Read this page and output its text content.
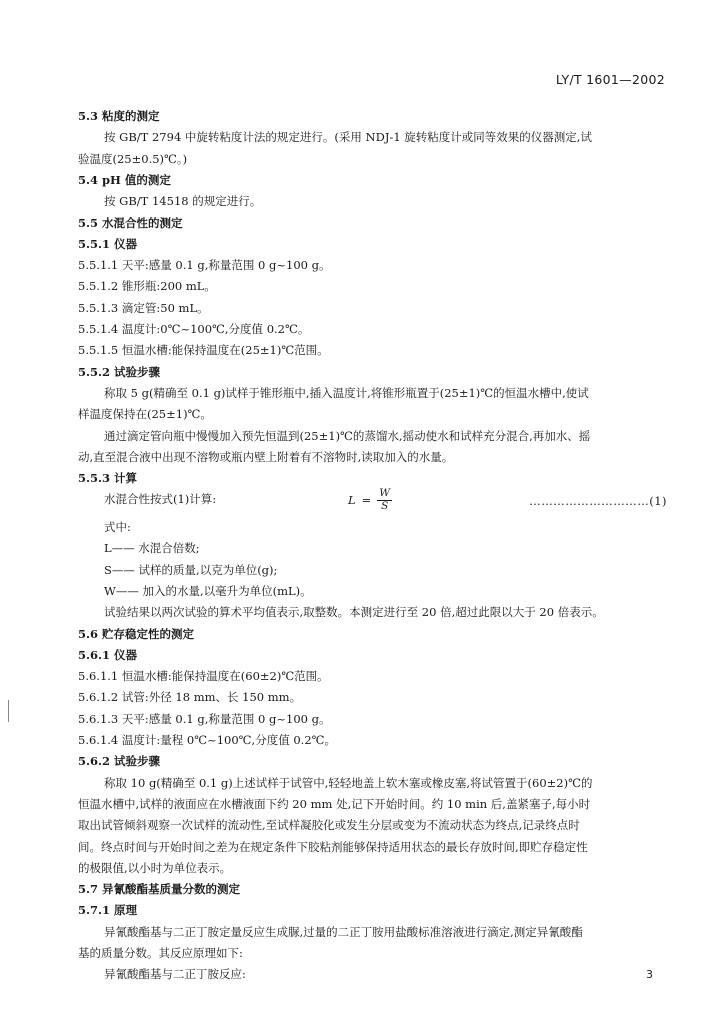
LY/T 1601—2002
5.3 粘度的测定
按 GB/T 2794 中旋转粘度计法的规定进行。(采用 NDJ-1 旋转粘度计或同等效果的仪器测定,试
验温度(25±0.5)℃。)
5.4 pH 值的测定
按 GB/T 14518 的规定进行。
5.5 水混合性的测定
5.5.1 仪器
5.5.1.1 天平:感量 0.1 g,称量范围 0 g~100 g。
5.5.1.2 锥形瓶:200 mL。
5.5.1.3 滴定管:50 mL。
5.5.1.4 温度计:0℃~100℃,分度值 0.2℃。
5.5.1.5 恒温水槽:能保持温度在(25±1)℃范围。
5.5.2 试验步骤
称取 5 g(精确至 0.1 g)试样于锥形瓶中,插入温度计,将锥形瓶置于(25±1)℃的恒温水槽中,使试
样温度保持在(25±1)℃。
通过滴定管向瓶中慢慢加入预先恒温到(25±1)℃的蒸馏水,摇动使水和试样充分混合,再加水、摇
动,直至混合液中出现不溶物或瓶内壁上附着有不溶物时,读取加入的水量。
5.5.3 计算
水混合性按式(1)计算:	$L = \frac{W}{S}$	…………………………(1)
式中:
L—— 水混合倍数;
S—— 试样的质量,以克为单位(g);
W—— 加入的水量,以毫升为单位(mL)。
试验结果以两次试验的算术平均值表示,取整数。本测定进行至 20 倍,超过此限以大于 20 倍表示。
5.6 贮存稳定性的测定
5.6.1 仪器
5.6.1.1 恒温水槽:能保持温度在(60±2)℃范围。
5.6.1.2 试管:外径 18 mm、长 150 mm。
5.6.1.3 天平:感量 0.1 g,称量范围 0 g~100 g。
5.6.1.4 温度计:量程 0℃~100℃,分度值 0.2℃。
5.6.2 试验步骤
称取 10 g(精确至 0.1 g)上述试样于试管中,轻轻地盖上软木塞或橡皮塞,将试管置于(60±2)℃的
恒温水槽中,试样的液面应在水槽液面下约 20 mm 处,记下开始时间。约 10 min 后,盖紧塞子,每小时
取出试管倾斜观察一次试样的流动性,至试样凝胶化或发生分层或变为不流动状态为终点,记录终点时
间。终点时间与开始时间之差为在规定条件下胶粘剂能够保持适用状态的最长存放时间,即贮存稳定性
的极限值,以小时为单位表示。
5.7 异氰酸酯基质量分数的测定
5.7.1 原理
异氰酸酯基与二正丁胺定量反应生成脲,过量的二正丁胺用盐酸标准溶液进行滴定,测定异氰酸酯
基的质量分数。其反应原理如下:
异氰酸酯基与二正丁胺反应:	3
